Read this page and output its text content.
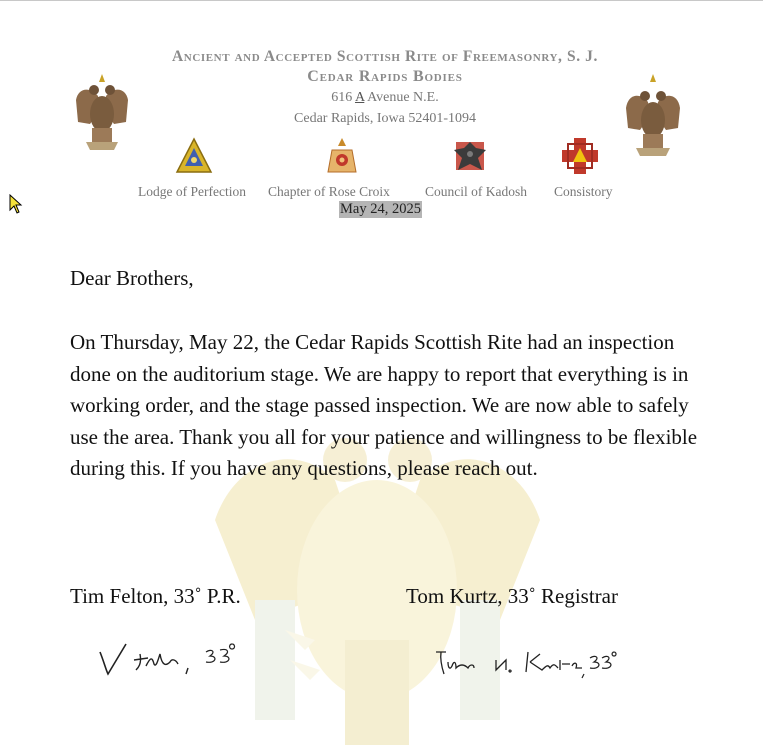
Ancient and Accepted Scottish Rite of Freemasonry, S. J.
Cedar Rapids Bodies
616 A Avenue N.E.
Cedar Rapids, Iowa 52401-1094
Lodge of Perfection Chapter of Rose Croix	Council of Kadosh Consistory
May 24, 2025
Dear Brothers,
On Thursday, May 22, the Cedar Rapids Scottish Rite had an inspection done on the auditorium stage. We are happy to report that everything is in working order, and the stage passed inspection. We are now able to safely use the area. Thank you all for your patience and willingness to be flexible during this. If you have any questions, please reach out.
Tim Felton, 33˚ P.R.	Tom Kurtz, 33˚ Registrar
